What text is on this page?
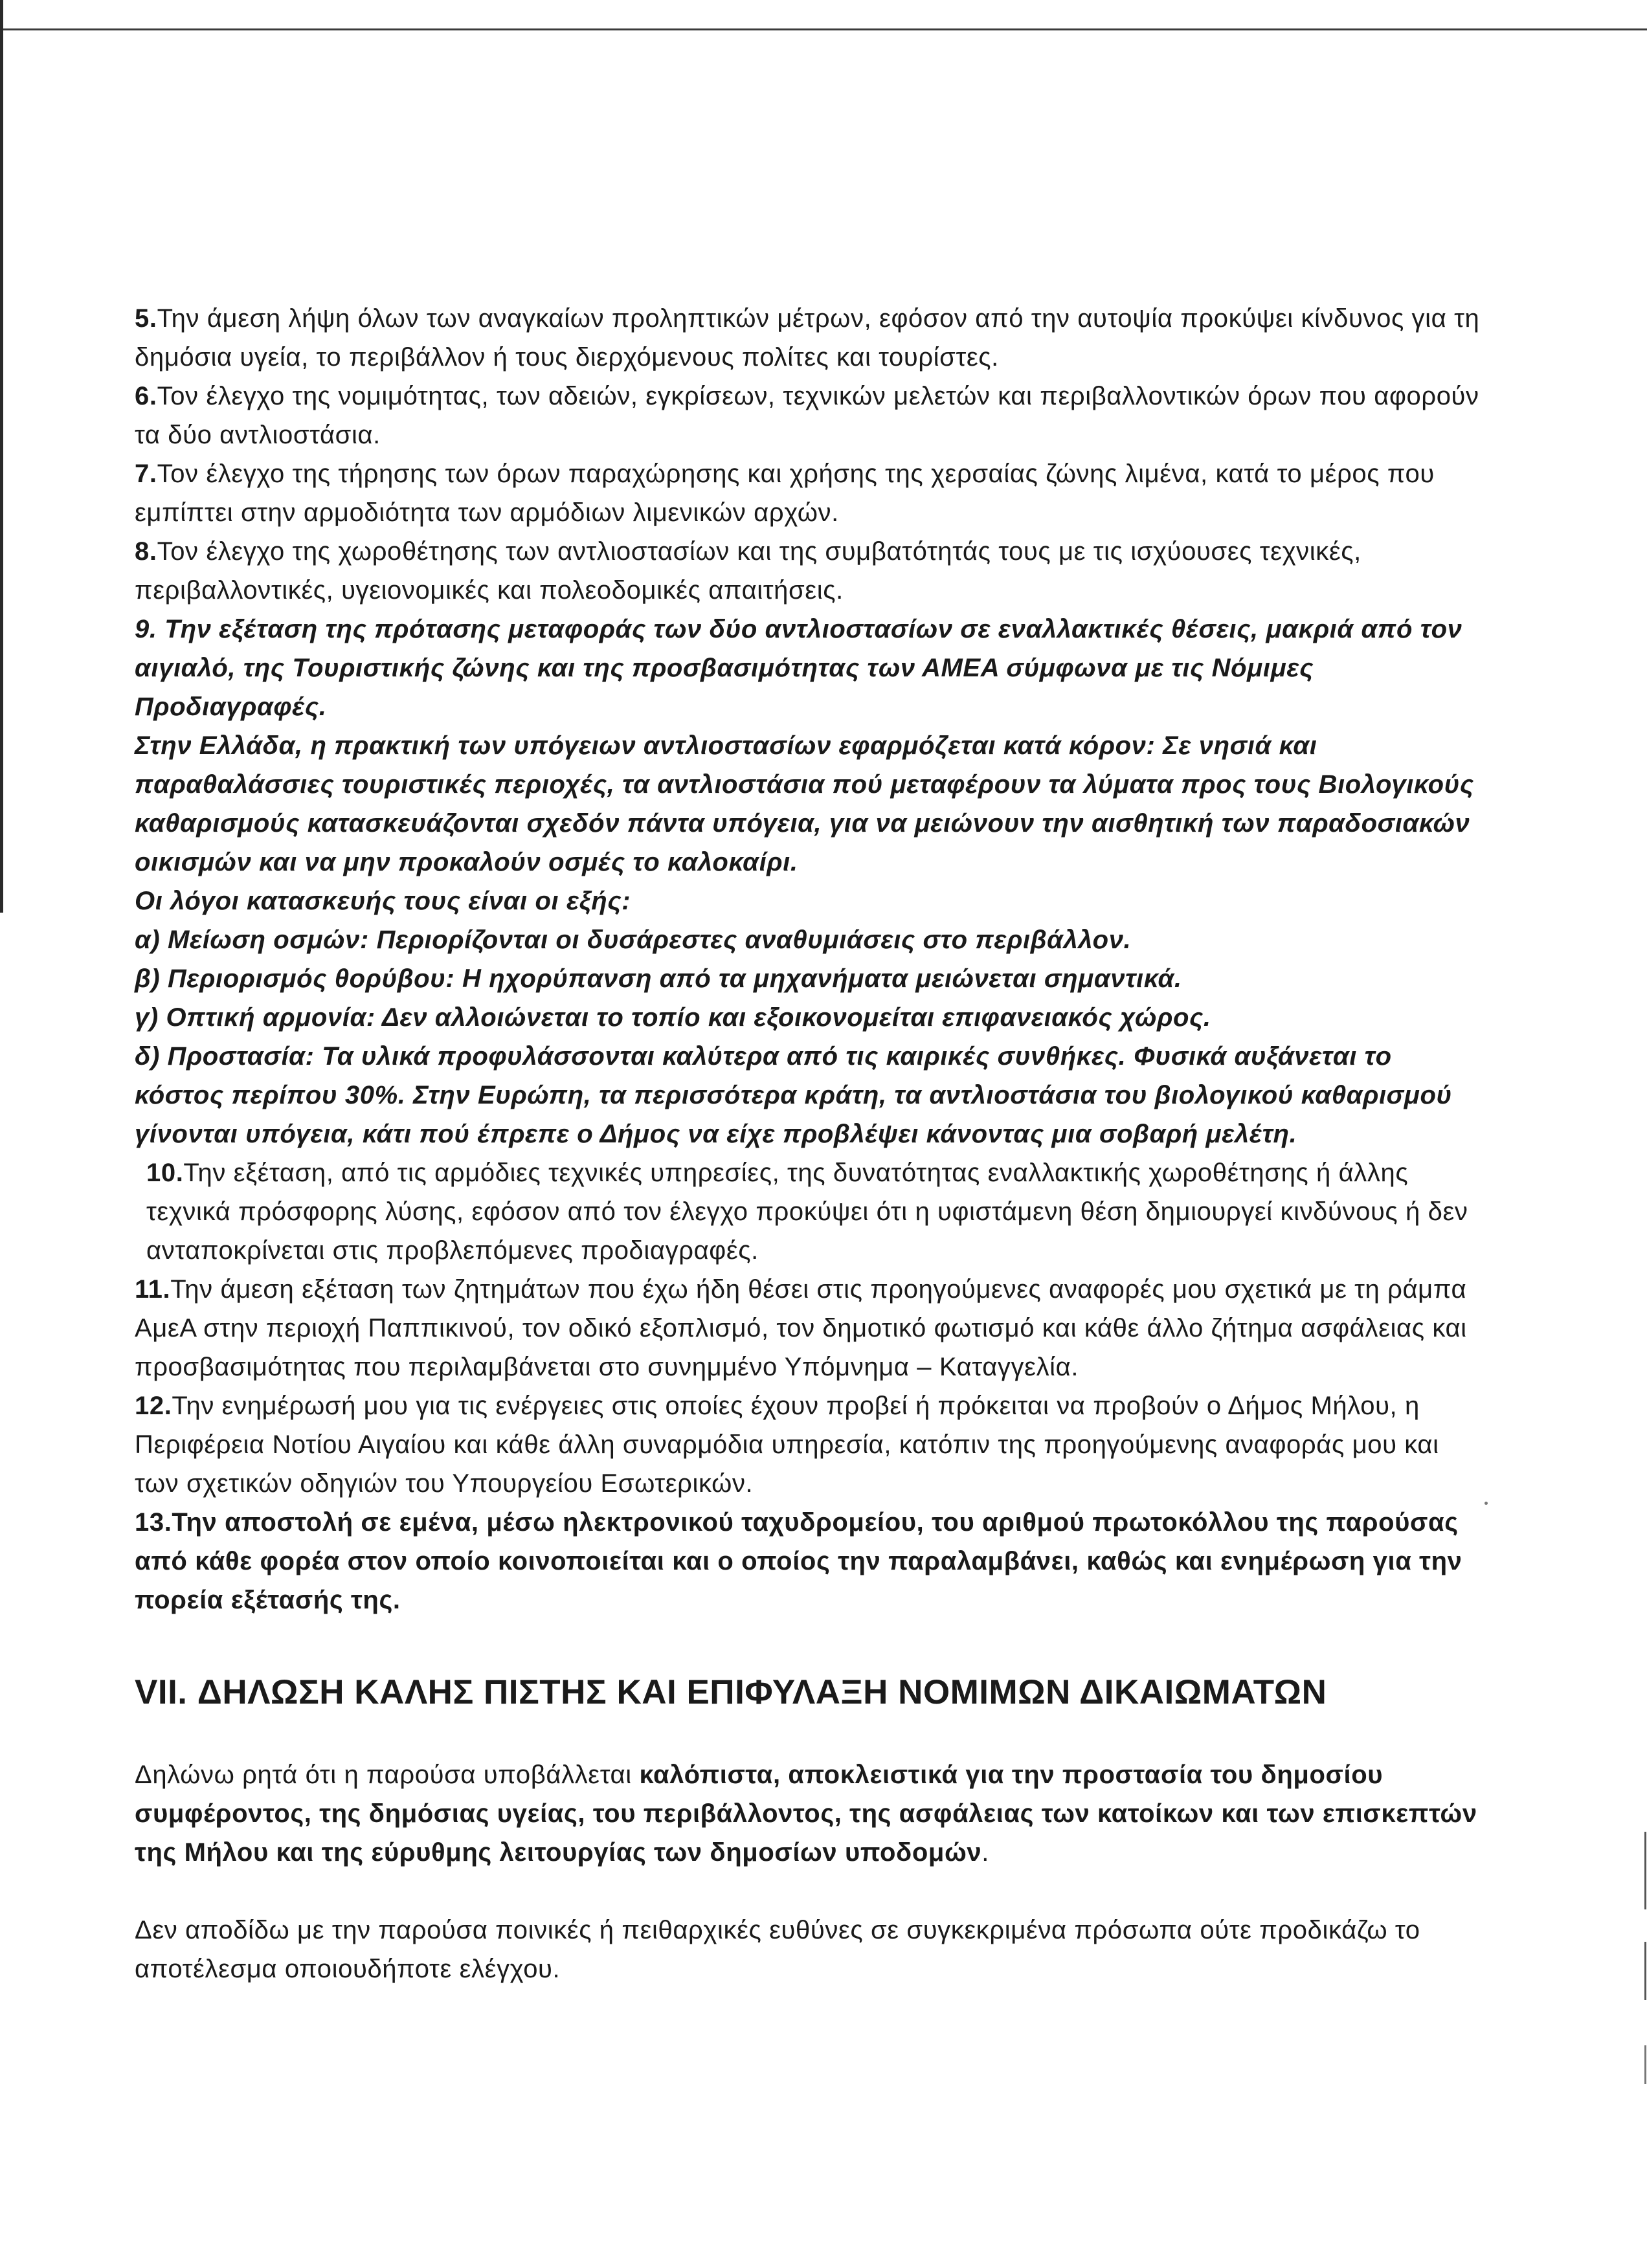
5.Την άμεση λήψη όλων των αναγκαίων προληπτικών μέτρων, εφόσον από την αυτοψία προκύψει κίνδυνος για τη δημόσια υγεία, το περιβάλλον ή τους διερχόμενους πολίτες και τουρίστες.

6.Τον έλεγχο της νομιμότητας, των αδειών, εγκρίσεων, τεχνικών μελετών και περιβαλλοντικών όρων που αφορούν τα δύο αντλιοστάσια.

7.Τον έλεγχο της τήρησης των όρων παραχώρησης και χρήσης της χερσαίας ζώνης λιμένα, κατά το μέρος που εμπίπτει στην αρμοδιότητα των αρμόδιων λιμενικών αρχών.

8.Τον έλεγχο της χωροθέτησης των αντλιοστασίων και της συμβατότητάς τους με τις ισχύουσες τεχνικές, περιβαλλοντικές, υγειονομικές και πολεοδομικές απαιτήσεις.

9. Την εξέταση της πρότασης μεταφοράς των δύο αντλιοστασίων σε εναλλακτικές θέσεις, μακριά από τον αιγιαλό, της Τουριστικής ζώνης και της προσβασιμότητας των ΑΜΕΑ σύμφωνα με τις Νόμιμες Προδιαγραφές.

Στην Ελλάδα, η πρακτική των υπόγειων αντλιοστασίων εφαρμόζεται κατά κόρον: Σε νησιά και παραθαλάσσιες τουριστικές περιοχές, τα αντλιοστάσια πού μεταφέρουν τα λύματα προς τους Βιολογικούς καθαρισμούς κατασκευάζονται σχεδόν πάντα υπόγεια, για να μειώνουν την αισθητική των παραδοσιακών οικισμών και να μην προκαλούν οσμές το καλοκαίρι.

Οι λόγοι κατασκευής τους είναι οι εξής:

α) Μείωση οσμών: Περιορίζονται οι δυσάρεστες αναθυμιάσεις στο περιβάλλον.

β) Περιορισμός θορύβου: Η ηχορύπανση από τα μηχανήματα μειώνεται σημαντικά.

γ) Οπτική αρμονία: Δεν αλλοιώνεται το τοπίο και εξοικονομείται επιφανειακός χώρος.

δ) Προστασία: Τα υλικά προφυλάσσονται καλύτερα από τις καιρικές συνθήκες. Φυσικά αυξάνεται το κόστος περίπου 30%. Στην Ευρώπη, τα περισσότερα κράτη, τα αντλιοστάσια του βιολογικού καθαρισμού γίνονται υπόγεια, κάτι πού έπρεπε ο Δήμος να είχε προβλέψει κάνοντας μια σοβαρή μελέτη.

10.Την εξέταση, από τις αρμόδιες τεχνικές υπηρεσίες, της δυνατότητας εναλλακτικής χωροθέτησης ή άλλης τεχνικά πρόσφορης λύσης, εφόσον από τον έλεγχο προκύψει ότι η υφιστάμενη θέση δημιουργεί κινδύνους ή δεν ανταποκρίνεται στις προβλεπόμενες προδιαγραφές.

11.Την άμεση εξέταση των ζητημάτων που έχω ήδη θέσει στις προηγούμενες αναφορές μου σχετικά με τη ράμπα ΑμεΑ στην περιοχή Παππικινού, τον οδικό εξοπλισμό, τον δημοτικό φωτισμό και κάθε άλλο ζήτημα ασφάλειας και προσβασιμότητας που περιλαμβάνεται στο συνημμένο Υπόμνημα – Καταγγελία.

12.Την ενημέρωσή μου για τις ενέργειες στις οποίες έχουν προβεί ή πρόκειται να προβούν ο Δήμος Μήλου, η Περιφέρεια Νοτίου Αιγαίου και κάθε άλλη συναρμόδια υπηρεσία, κατόπιν της προηγούμενης αναφοράς μου και των σχετικών οδηγιών του Υπουργείου Εσωτερικών.

13.Την αποστολή σε εμένα, μέσω ηλεκτρονικού ταχυδρομείου, του αριθμού πρωτοκόλλου της παρούσας από κάθε φορέα στον οποίο κοινοποιείται και ο οποίος την παραλαμβάνει, καθώς και ενημέρωση για την πορεία εξέτασής της.

VII. ΔΗΛΩΣΗ ΚΑΛΗΣ ΠΙΣΤΗΣ ΚΑΙ ΕΠΙΦΥΛΑΞΗ ΝΟΜΙΜΩΝ ΔΙΚΑΙΩΜΑΤΩΝ

Δηλώνω ρητά ότι η παρούσα υποβάλλεται καλόπιστα, αποκλειστικά για την προστασία του δημοσίου συμφέροντος, της δημόσιας υγείας, του περιβάλλοντος, της ασφάλειας των κατοίκων και των επισκεπτών της Μήλου και της εύρυθμης λειτουργίας των δημοσίων υποδομών.

Δεν αποδίδω με την παρούσα ποινικές ή πειθαρχικές ευθύνες σε συγκεκριμένα πρόσωπα ούτε προδικάζω το αποτέλεσμα οποιουδήποτε ελέγχου.
